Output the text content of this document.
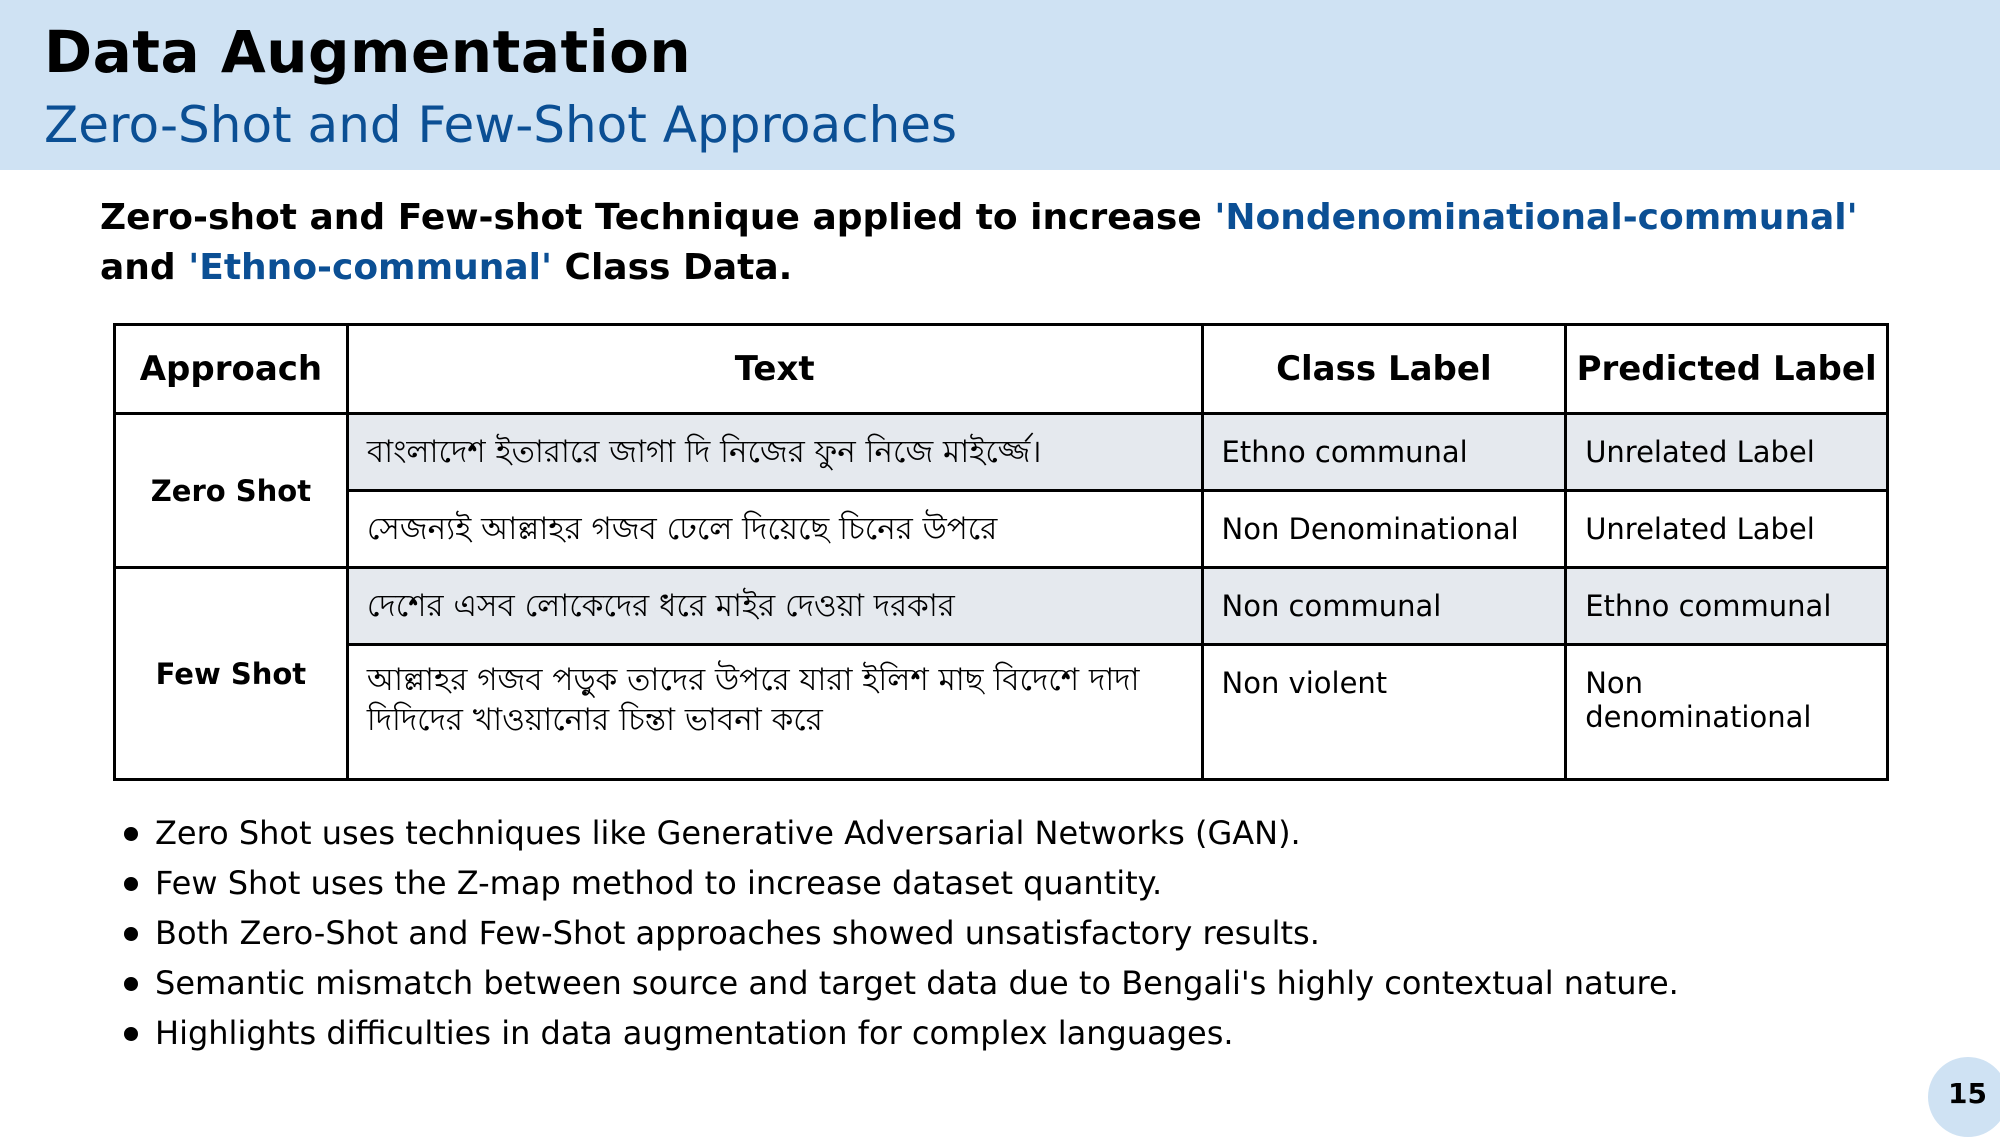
Data Augmentation
Zero-Shot and Few-Shot Approaches

Zero-shot and Few-shot Technique applied to increase 'Nondenominational-communal' and 'Ethno-communal' Class Data.

Approach	Text	Class Label	Predicted Label
Zero Shot	বাংলাদেশ ইতারারে জাগা দি নিজের ফুন নিজে মাইর্জ্জে।	Ethno communal	Unrelated Label
	সেজন্যই আল্লাহর গজব ঢেলে দিয়েছে চিনের উপরে	Non Denominational	Unrelated Label
Few Shot	দেশের এসব লোকেদের ধরে মাইর দেওয়া দরকার	Non communal	Ethno communal
	আল্লাহর গজব পড়ুক তাদের উপরে যারা ইলিশ মাছ বিদেশে দাদা দিদিদের খাওয়ানোর চিন্তা ভাবনা করে	Non violent	Non denominational
Zero Shot uses techniques like Generative Adversarial Networks (GAN).
Few Shot uses the Z-map method to increase dataset quantity.
Both Zero-Shot and Few-Shot approaches showed unsatisfactory results.
Semantic mismatch between source and target data due to Bengali's highly contextual nature.
Highlights difficulties in data augmentation for complex languages.
15
